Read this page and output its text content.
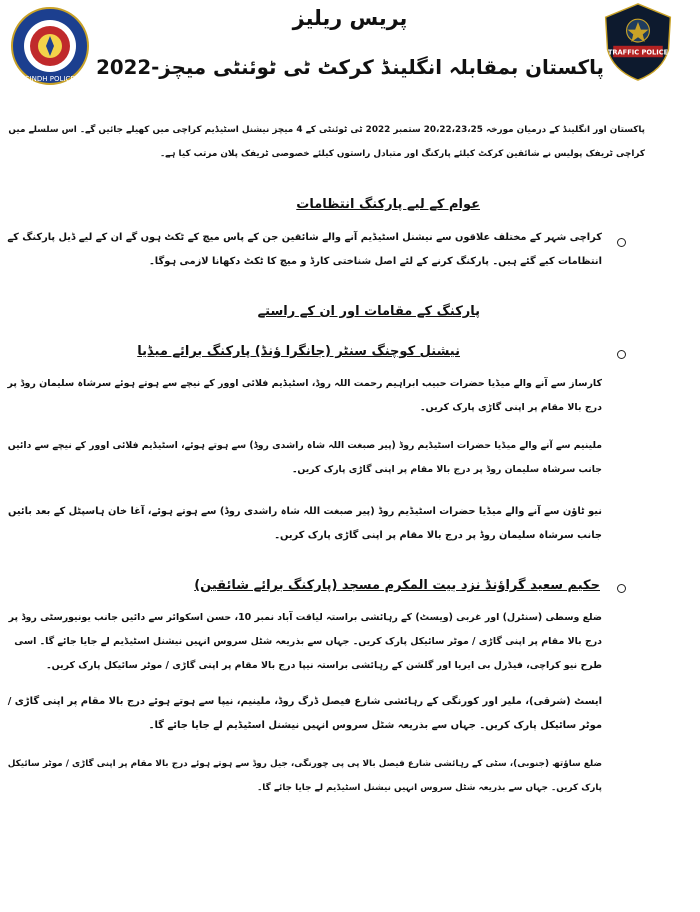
SINDH POLICE
TRAFFIC POLICE
پریس ریلیز
پاکستان بمقابلہ انگلینڈ کرکٹ ٹی ٹوئنٹی میچز-2022
پاکستان اور انگلینڈ کے درمیان مورخہ 20،22،23،25 ستمبر 2022 ٹی ٹوئنٹی کے 4 میچز نیشنل اسٹیڈیم کراچی میں کھیلے جائیں گے۔ اس سلسلے میں
کراچی ٹریفک پولیس نے شائقین کرکٹ کیلئے پارکنگ اور متبادل راستوں کیلئے خصوصی ٹریفک پلان مرتب کیا ہے۔
عوام کے لیے پارکنگ انتظامات
کراچی شہر کے مختلف علاقوں سے نیشنل اسٹیڈیم آنے والے شائقین جن کے پاس میچ کے ٹکٹ ہوں گے ان کے لیے ڈیل پارکنگ کے
انتظامات کیے گئے ہیں۔ پارکنگ کرنے کے لئے اصل شناختی کارڈ و میچ کا ٹکٹ دکھانا لازمی ہوگا۔
پارکنگ کے مقامات اور ان کے راستے
نیشنل کوچنگ سنٹر (جانگرا ؤنڈ) پارکنگ برائے میڈیا
کارساز سے آنے والے میڈیا حضرات حبیب ابراہیم رحمت اللہ روڈ، اسٹیڈیم فلائی اوور کے نیچے سے ہوتے ہوئے سرشاہ سلیمان روڈ پر
درج بالا مقام پر اپنی گاڑی پارک کریں۔
ملینیم سے آنے والے میڈیا حضرات اسٹیڈیم روڈ (پیر صبغت اللہ شاہ راشدی روڈ) سے ہوتے ہوئے، اسٹیڈیم فلائی اوور کے نیچے سے دائیں
جانب سرشاہ سلیمان روڈ پر درج بالا مقام پر اپنی گاڑی پارک کریں۔
نیو ٹاؤن سے آنے والے میڈیا حضرات اسٹیڈیم روڈ (پیر صبغت اللہ شاہ راشدی روڈ) سے ہوتے ہوئے، آغا خان ہاسپٹل کے بعد بائیں
جانب سرشاہ سلیمان روڈ پر درج بالا مقام پر اپنی گاڑی پارک کریں۔
حکیم سعید گراؤنڈ نزد بیت المکرم مسجد (پارکنگ برائے شائقین)
ضلع وسطی (سنٹرل) اور غربی (ویسٹ) کے رہائشی براستہ لیاقت آباد نمبر 10، حسن اسکوائر سے دائیں جانب یونیورسٹی روڈ پر
درج بالا مقام پر اپنی گاڑی / موٹر سائیکل پارک کریں۔ جہاں سے بذریعہ شٹل سروس انہیں نیشنل اسٹیڈیم لے جایا جائے گا۔ اسی
طرح نیو کراچی، فیڈرل بی ایریا اور گلشن کے رہائشی براستہ نیپا درج بالا مقام پر اپنی گاڑی / موٹر سائیکل پارک کریں۔
ایسٹ (شرقی)، ملیر اور کورنگی کے رہائشی شارع فیصل ڈرگ روڈ، ملینیم، نیپا سے ہوتے ہوئے درج بالا مقام پر اپنی گاڑی /
موٹر سائیکل پارک کریں۔ جہاں سے بذریعہ شٹل سروس انہیں نیشنل اسٹیڈیم لے جایا جائے گا۔
ضلع ساؤتھ (جنوبی)، سٹی کے رہائشی شارع فیصل بالا پی پی چورنگی، جیل روڈ سے ہوتے ہوئے درج بالا مقام پر اپنی گاڑی / موٹر سائیکل
پارک کریں۔ جہاں سے بذریعہ شٹل سروس انہیں نیشنل اسٹیڈیم لے جایا جائے گا۔
